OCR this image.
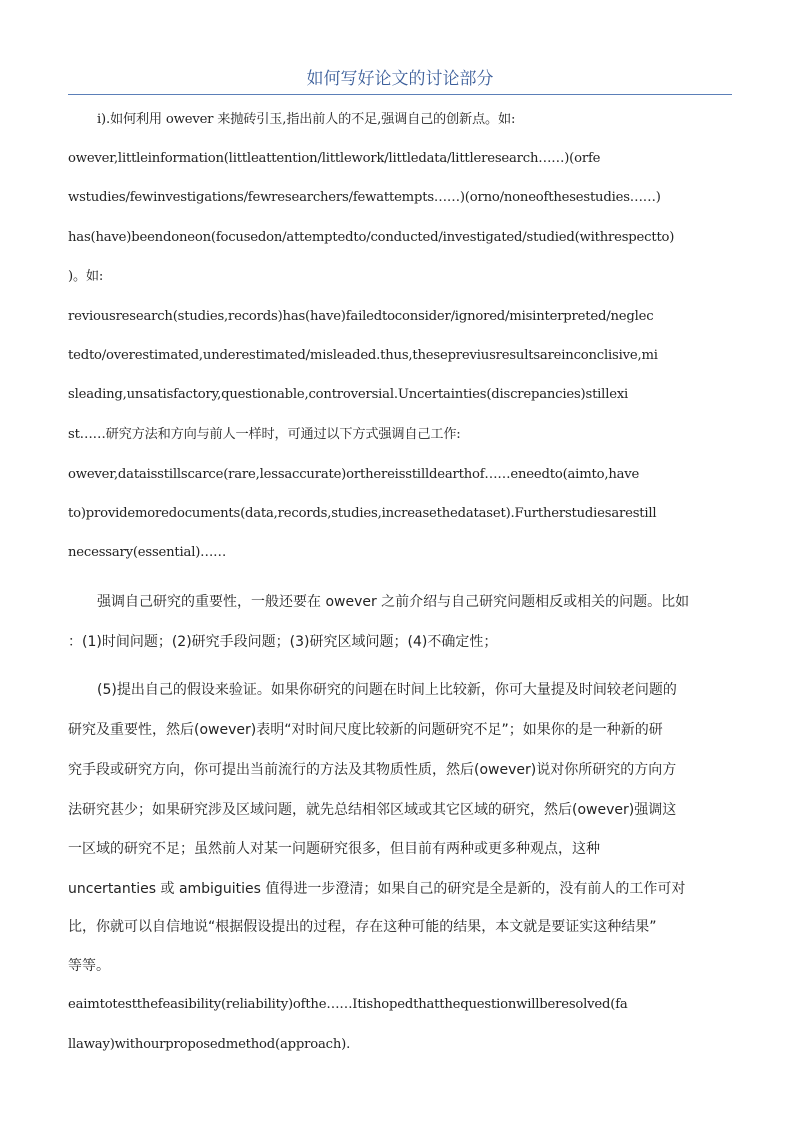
如何写好论文的讨论部分
i).如何利用 owever 来抛砖引玉,指出前人的不足,强调自己的创新点。如:
owever,littleinformation(littleattention/littlework/littledata/littleresearch……)(orfe
wstudies/fewinvestigations/fewresearchers/fewattempts……)(orno/noneofthesestudies……)
has(have)beendoneon(focusedon/attemptedto/conducted/investigated/studied(withrespectto)
)。如:
reviousresearch(studies,records)has(have)failedtoconsider/ignored/misinterpreted/neglec
tedto/overestimated,underestimated/misleaded.thus,thesepreviusresultsareinconclisive,mi
sleading,unsatisfactory,questionable,controversial.Uncertainties(discrepancies)stillexi
st……研究方法和方向与前人一样时，可通过以下方式强调自己工作:
owever,dataisstillscarce(rare,lessaccurate)orthereisstilldearthof……eneedto(aimto,have
to)providemoredocuments(data,records,studies,increasethedataset).Furtherstudiesarestill
necessary(essential)……
强调自己研究的重要性，一般还要在 owever 之前介绍与自己研究问题相反或相关的问题。比如
：(1)时间问题；(2)研究手段问题；(3)研究区域问题；(4)不确定性；
(5)提出自己的假设来验证。如果你研究的问题在时间上比较新，你可大量提及时间较老问题的
研究及重要性，然后(owever)表明“对时间尺度比较新的问题研究不足”；如果你的是一种新的研
究手段或研究方向，你可提出当前流行的方法及其物质性质，然后(owever)说对你所研究的方向方
法研究甚少；如果研究涉及区域问题，就先总结相邻区域或其它区域的研究，然后(owever)强调这
一区域的研究不足；虽然前人对某一问题研究很多，但目前有两种或更多种观点，这种
uncertanties 或 ambiguities 值得进一步澄清；如果自己的研究是全是新的，没有前人的工作可对
比，你就可以自信地说“根据假设提出的过程，存在这种可能的结果，本文就是要证实这种结果”
等等。
eaimtotestthefeasibility(reliability)ofthe……Itishopedthatthequestionwillberesolved(fa
llaway)withourproposedmethod(approach).
